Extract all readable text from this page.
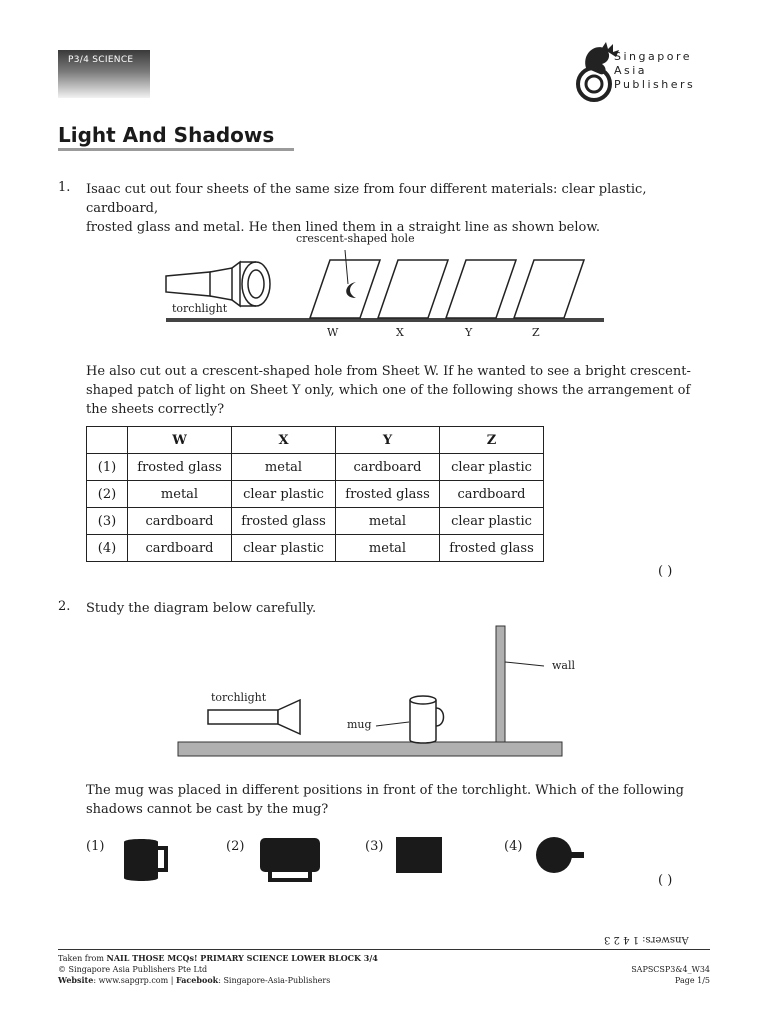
P3/4 SCIENCE	Singapore
Asia
Publishers
Light And Shadows
1. Isaac cut out four sheets of the same size from four different materials: clear plastic, cardboard,
frosted glass and metal. He then lined them in a straight line as shown below.
crescent-shaped hole
torchlight
W	X	Y	Z
He also cut out a crescent-shaped hole from Sheet W. If he wanted to see a bright crescent-
shaped patch of light on Sheet Y only, which one of the following shows the arrangement of
the sheets correctly?
	W	X	Y	Z
(1)	frosted glass	metal	cardboard	clear plastic
(2)	metal	clear plastic	frosted glass	cardboard
(3)	cardboard	frosted glass	metal	clear plastic
(4)	cardboard	clear plastic	metal	frosted glass
( )
2. Study the diagram below carefully.
torchlight
mug
wall
The mug was placed in different positions in front of the torchlight. Which of the following
shadows cannot be cast by the mug?
(1)	(2)	(3)	(4)
( )
Answers: 1 4 2 3
Taken from NAIL THOSE MCQs! PRIMARY SCIENCE LOWER BLOCK 3/4
© Singapore Asia Publishers Pte Ltd
Website: www.sapgrp.com | Facebook: Singapore-Asia-Publishers
SAPSCSP3&4_W34
Page 1/5
